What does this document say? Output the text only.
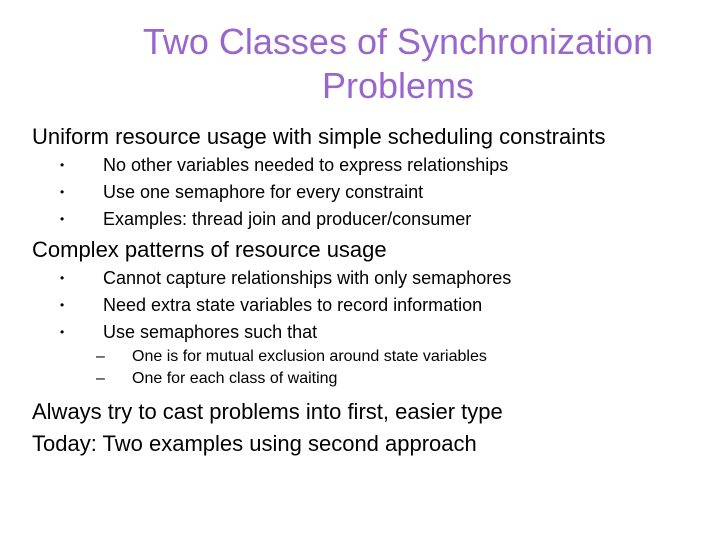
Two Classes of Synchronization
Problems

Uniform resource usage with simple scheduling constraints

• No other variables needed to express relationships
• Use one semaphore for every constraint
• Examples: thread join and producer/consumer

Complex patterns of resource usage

• Cannot capture relationships with only semaphores
• Need extra state variables to record information
• Use semaphores such that
– One is for mutual exclusion around state variables
– One for each class of waiting

Always try to cast problems into first, easier type

Today: Two examples using second approach
